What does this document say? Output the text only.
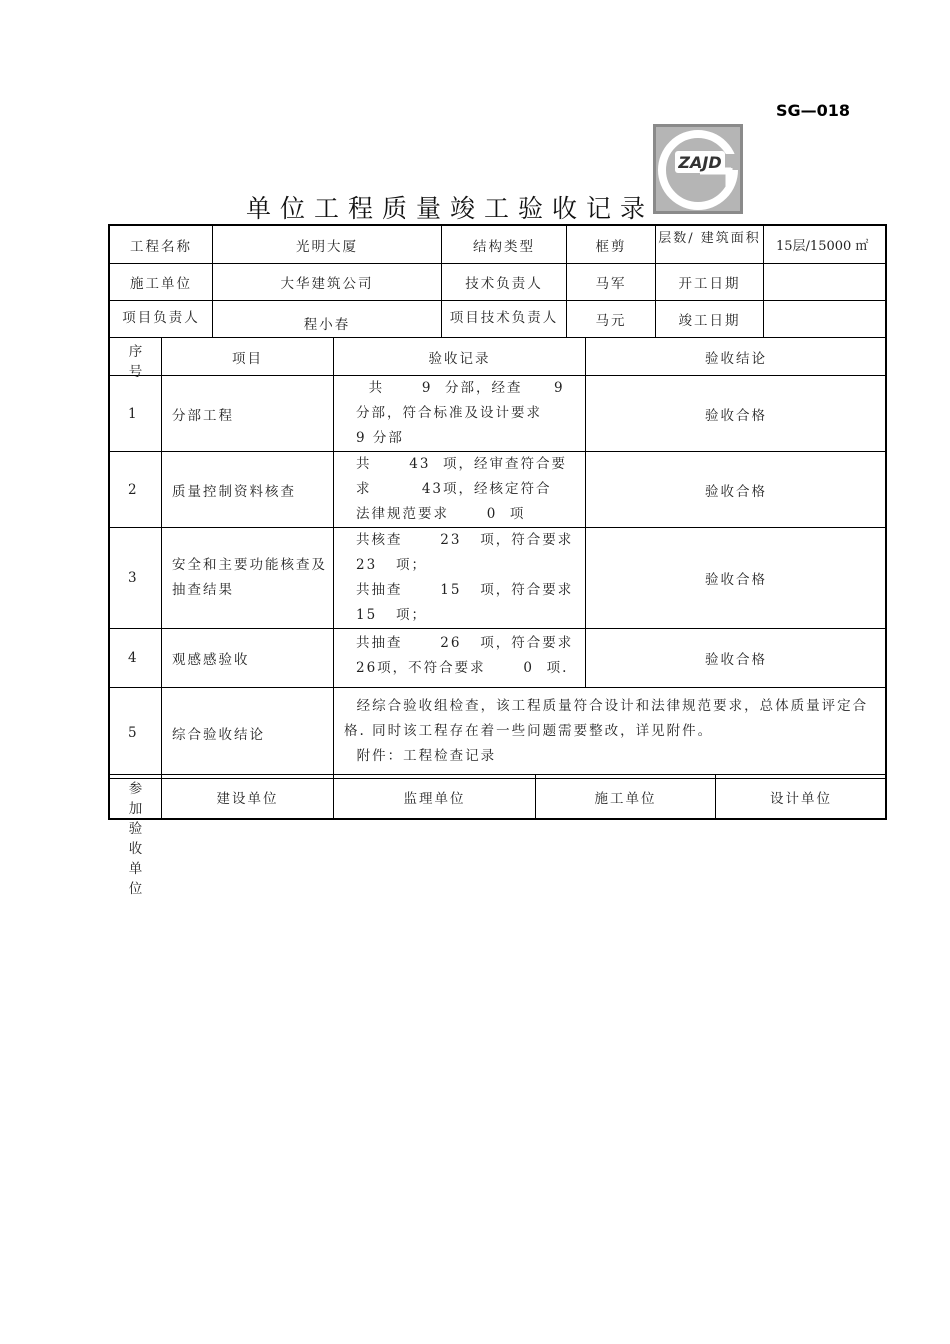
SG—018
ZAJD
单位工程质量竣工验收记录
工程名称	光明大厦	结构类型	框剪	层数/ 建筑面积	15层/15000 ㎡
施工单位	大华建筑公司	技术负责人	马军	开工日期	
项目负责人	程小春	项目技术负责人	马元	竣工日期	
序号	项目	验收记录	验收结论
1	分部工程	共      9  分部，经查     9
分部，符合标准及设计要求
9 分部	验收合格
2	质量控制资料核查	共      43  项，经审查符合要
求        43项，经核定符合
法律规范要求      0  项	验收合格
3	安全和主要功能核查及抽查结果	共核查      23   项，符合要求
23   项；
共抽查      15   项，符合要求
15   项；	验收合格
4	观感感验收	共抽查      26   项，符合要求
26项，不符合要求      0  项.	验收合格
5	综合验收结论	经综合验收组检查，该工程质量符合设计和法律规范要求，总体质量评定合格. 同时该工程存在着一些问题需要整改，详见附件。
附件：工程检查记录	
参加验收单位
	建设单位	监理单位	施工单位	设计单位
